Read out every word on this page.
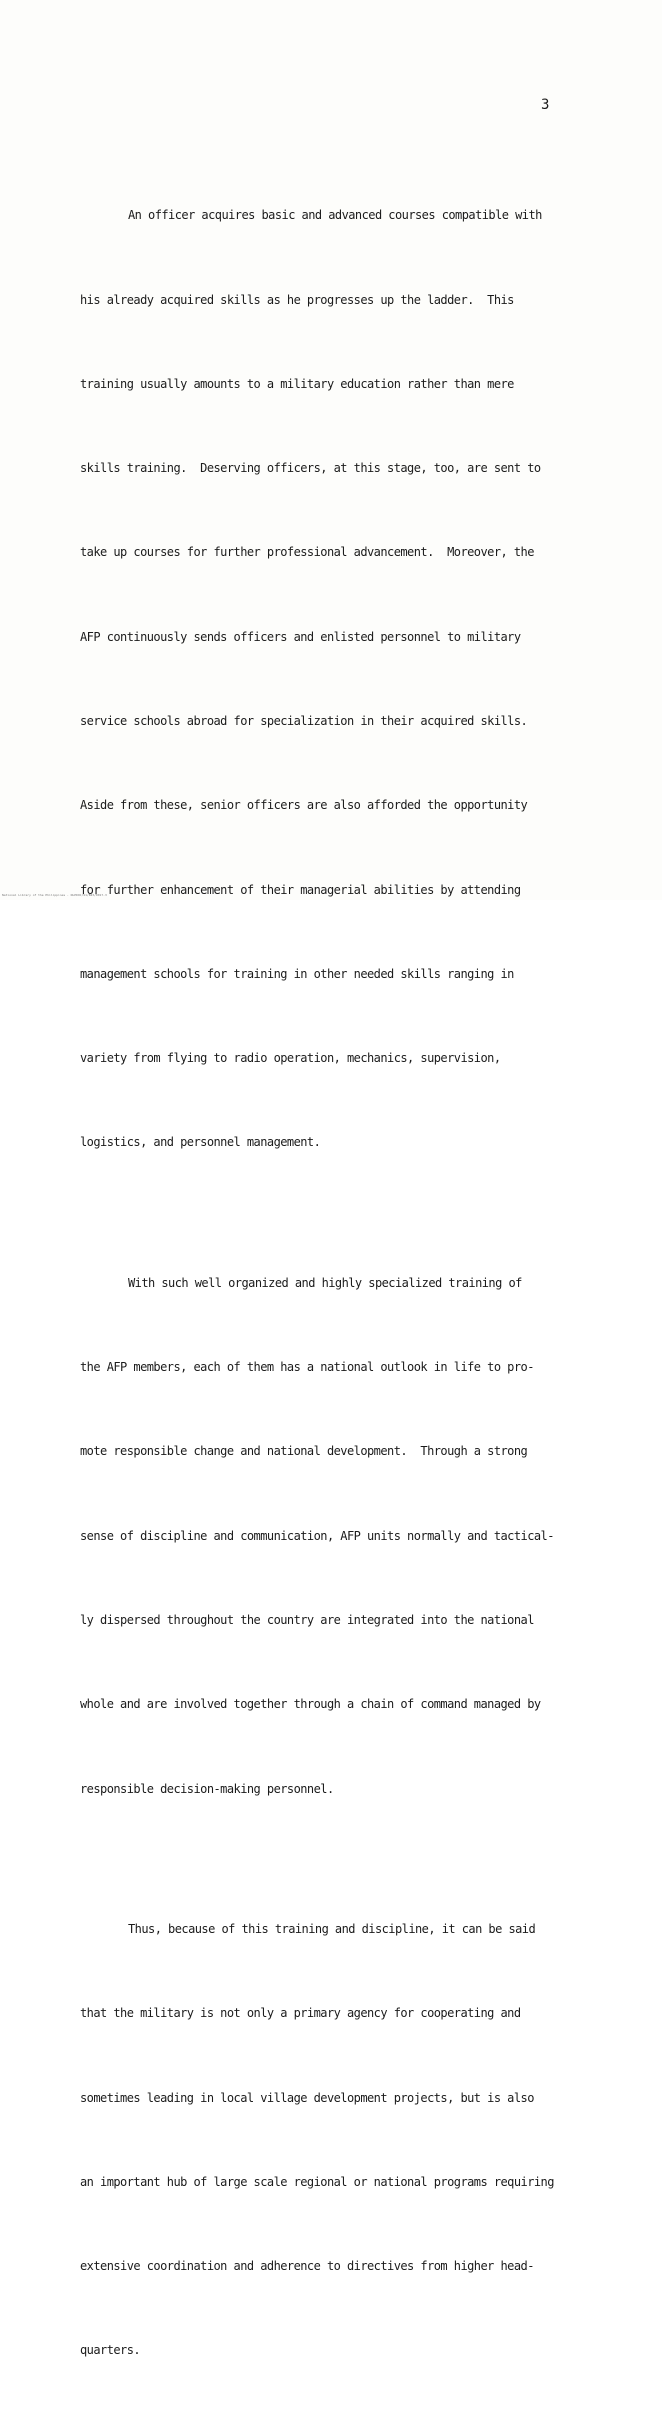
3

An officer acquires basic and advanced courses compatible with

his already acquired skills as he progresses up the ladder.  This

training usually amounts to a military education rather than mere

skills training.  Deserving officers, at this stage, too, are sent to

take up courses for further professional advancement.  Moreover, the

AFP continuously sends officers and enlisted personnel to military

service schools abroad for specialization in their acquired skills.

Aside from these, senior officers are also afforded the opportunity

for further enhancement of their managerial abilities by attending

management schools for training in other needed skills ranging in

variety from flying to radio operation, mechanics, supervision,

logistics, and personnel management.

With such well organized and highly specialized training of

the AFP members, each of them has a national outlook in life to pro-

mote responsible change and national development.  Through a strong

sense of discipline and communication, AFP units normally and tactical-

ly dispersed throughout the country are integrated into the national

whole and are involved together through a chain of command managed by

responsible decision-making personnel.

Thus, because of this training and discipline, it can be said

that the military is not only a primary agency for cooperating and

sometimes leading in local village development projects, but is also

an important hub of large scale regional or national programs requiring

extensive coordination and adherence to directives from higher head-

quarters.

National Library of the Philippines · NLPDOC/91/B23/0017-3
